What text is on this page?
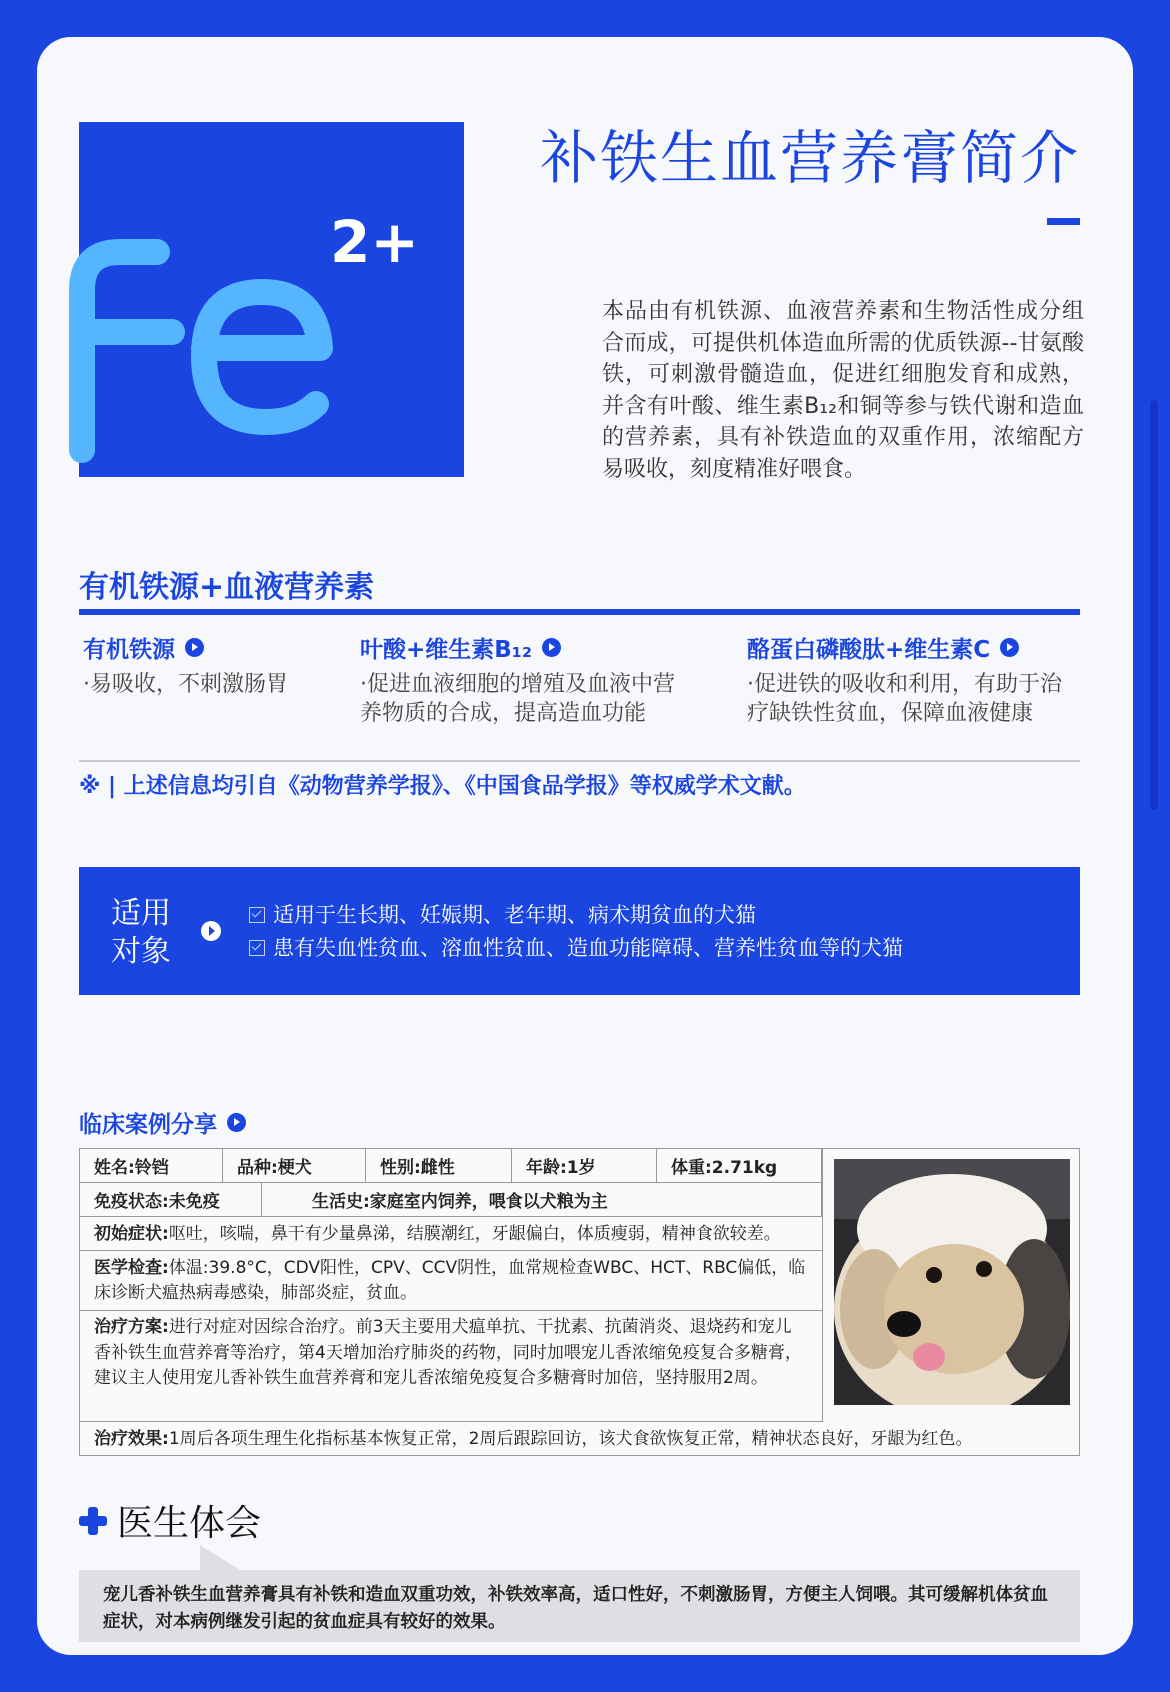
2+
补铁生血营养膏简介
本品由有机铁源、血液营养素和生物活性成分组合而成，可提供机体造血所需的优质铁源--甘氨酸铁，可刺激骨髓造血，促进红细胞发育和成熟，并含有叶酸、维生素B₁₂和铜等参与铁代谢和造血的营养素，具有补铁造血的双重作用，浓缩配方易吸收，刻度精准好喂食。
有机铁源+血液营养素
有机铁源
·易吸收，不刺激肠胃
叶酸+维生素B₁₂
·促进血液细胞的增殖及血液中营养物质的合成，提高造血功能
酪蛋白磷酸肽+维生素C
·促进铁的吸收和利用，有助于治疗缺铁性贫血，保障血液健康
※ | 上述信息均引自《动物营养学报》、《中国食品学报》等权威学术文献。
适用对象
适用于生长期、妊娠期、老年期、病术期贫血的犬猫
患有失血性贫血、溶血性贫血、造血功能障碍、营养性贫血等的犬猫
临床案例分享
姓名:铃铛	品种:梗犬	性别:雌性	年龄:1岁	体重:2.71kg
免疫状态:未免疫	生活史:家庭室内饲养，喂食以犬粮为主
初始症状:呕吐，咳喘，鼻干有少量鼻涕，结膜潮红，牙龈偏白，体质瘦弱，精神食欲较差。
医学检查:体温:39.8°C，CDV阳性，CPV、CCV阴性，血常规检查WBC、HCT、RBC偏低，临床诊断犬瘟热病毒感染，肺部炎症，贫血。
治疗方案:进行对症对因综合治疗。前3天主要用犬瘟单抗、干扰素、抗菌消炎、退烧药和宠儿香补铁生血营养膏等治疗，第4天增加治疗肺炎的药物，同时加喂宠儿香浓缩免疫复合多糖膏，建议主人使用宠儿香补铁生血营养膏和宠儿香浓缩免疫复合多糖膏时加倍，坚持服用2周。
治疗效果:1周后各项生理生化指标基本恢复正常，2周后跟踪回访，该犬食欲恢复正常，精神状态良好，牙龈为红色。
医生体会
宠儿香补铁生血营养膏具有补铁和造血双重功效，补铁效率高，适口性好，不刺激肠胃，方便主人饲喂。其可缓解机体贫血症状，对本病例继发引起的贫血症具有较好的效果。
